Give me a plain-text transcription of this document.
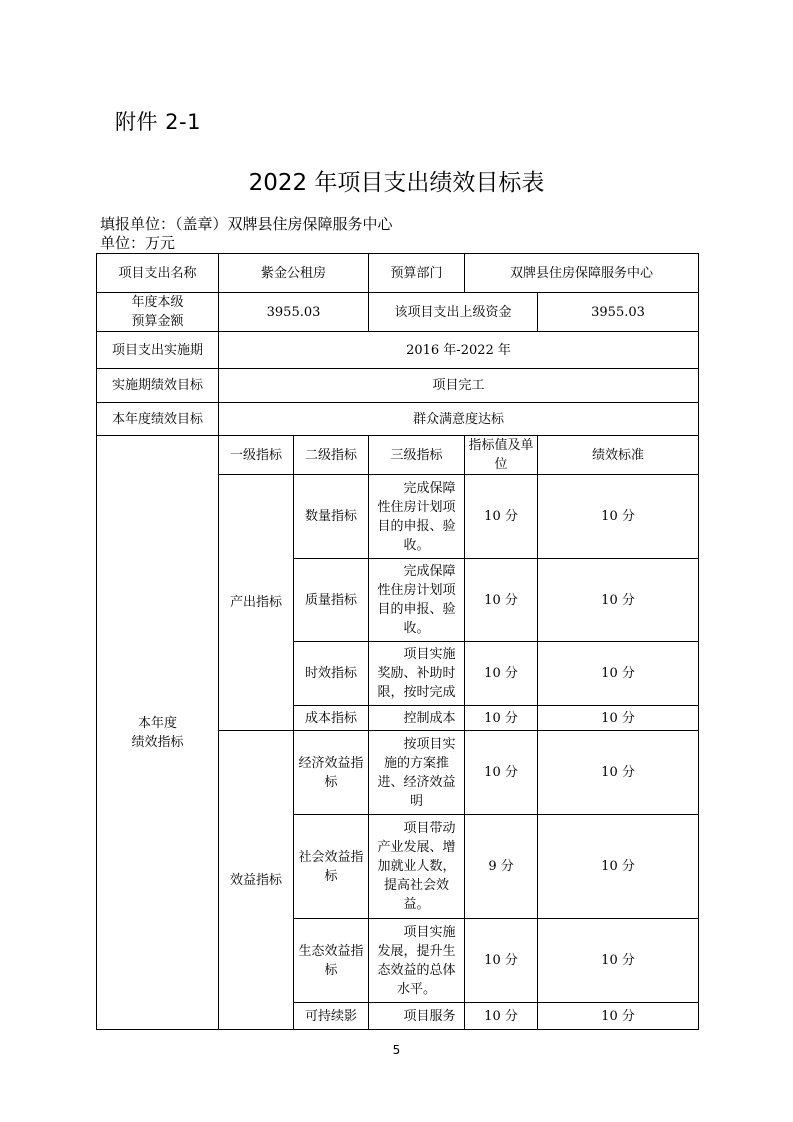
附件 2-1
2022 年项目支出绩效目标表
填报单位：（盖章）双牌县住房保障服务中心
单位：万元
项目支出名称	紫金公租房		预算部门	双牌县住房保障服务中心	

年度本级
预算金额	3955.03		该项目支出上级资金		3955.03
项目支出实施期	2016 年-2022 年				
实施期绩效目标	项目完工				
本年度绩效目标	群众满意度达标				

本年度
绩效指标	一级指标	二级指标	三级指标	指标值及单位	绩效标准
	产出指标	数量指标	完成保障性住房计划项目的申报、验收。	10 分	10 分
		质量指标	完成保障性住房计划项目的申报、验收。	10 分	10 分
		时效指标	项目实施奖励、补助时限，按时完成	10 分	10 分
		成本指标	控制成本	10 分	10 分
	效益指标	经济效益指标	按项目实施的方案推进、经济效益明	10 分	10 分
		社会效益指标	项目带动产业发展、增加就业人数，提高社会效益。	9 分	10 分
		生态效益指标	项目实施发展，提升生态效益的总体水平。	10 分	10 分
		可持续影	项目服务	10 分	10 分
5
